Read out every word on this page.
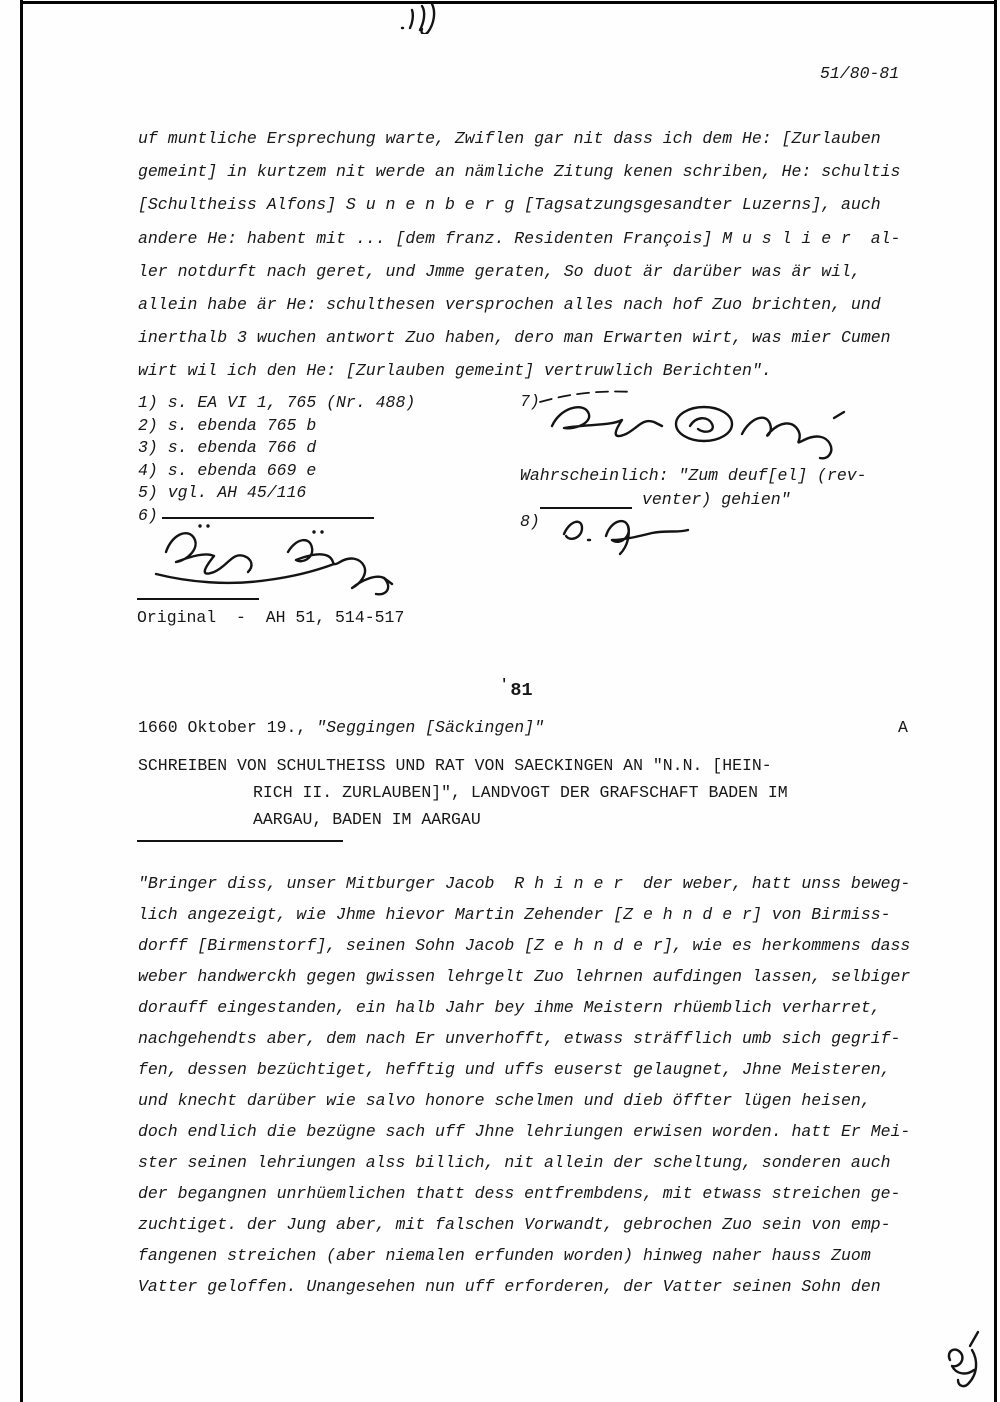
51/80-81
uf muntliche Ersprechung warte, Zwiflen gar nit dass ich dem He: [Zurlauben
gemeint] in kurtzem nit werde an nämliche Zitung kenen schriben, He: schultis
[Schultheiss Alfons] S u n e n b e r g [Tagsatzungsgesandter Luzerns], auch
andere He: habent mit ... [dem franz. Residenten François] M u s l i e r  al-
ler notdurft nach geret, und Jmme geraten, So duot är darüber was är wil,
allein habe är He: schulthesen versprochen alles nach hof Zuo brichten, und
inerthalb 3 wuchen antwort Zuo haben, dero man Erwarten wirt, was mier Cumen
wirt wil ich den He: [Zurlauben gemeint] vertruwlich Berichten".
1) s. EA VI 1, 765 (Nr. 488)
2) s. ebenda 765 b
3) s. ebenda 766 d
4) s. ebenda 669 e
5) vgl. AH 45/116
6)
7)
Wahrscheinlich: "Zum deuf[el] (rev-
venter) gehien"
8)
Original  -  AH 51, 514-517
' 81
1660 Oktober 19., "Seggingen [Säckingen]"	A
SCHREIBEN VON SCHULTHEISS UND RAT VON SAECKINGEN AN "N.N. [HEIN-
RICH II. ZURLAUBEN]", LANDVOGT DER GRAFSCHAFT BADEN IM
AARGAU, BADEN IM AARGAU
"Bringer diss, unser Mitburger Jacob  R h i n e r  der weber, hatt unss beweg-
lich angezeigt, wie Jhme hievor Martin Zehender [Z e h n d e r] von Birmiss-
dorff [Birmenstorf], seinen Sohn Jacob [Z e h n d e r], wie es herkommens dass
weber handwerckh gegen gwissen lehrgelt Zuo lehrnen aufdingen lassen, selbiger
dorauff eingestanden, ein halb Jahr bey ihme Meistern rhüemblich verharret,
nachgehendts aber, dem nach Er unverhofft, etwass sträfflich umb sich gegrif-
fen, dessen bezüchtiget, hefftig und uffs euserst gelaugnet, Jhne Meisteren,
und knecht darüber wie salvo honore schelmen und dieb öffter lügen heisen,
doch endlich die bezügne sach uff Jhne lehriungen erwisen worden. hatt Er Mei-
ster seinen lehriungen alss billich, nit allein der scheltung, sonderen auch
der begangnen unrhüemlichen thatt dess entfrembdens, mit etwass streichen ge-
zuchtiget. der Jung aber, mit falschen Vorwandt, gebrochen Zuo sein von emp-
fangenen streichen (aber niemalen erfunden worden) hinweg naher hauss Zuom
Vatter geloffen. Unangesehen nun uff erforderen, der Vatter seinen Sohn den
